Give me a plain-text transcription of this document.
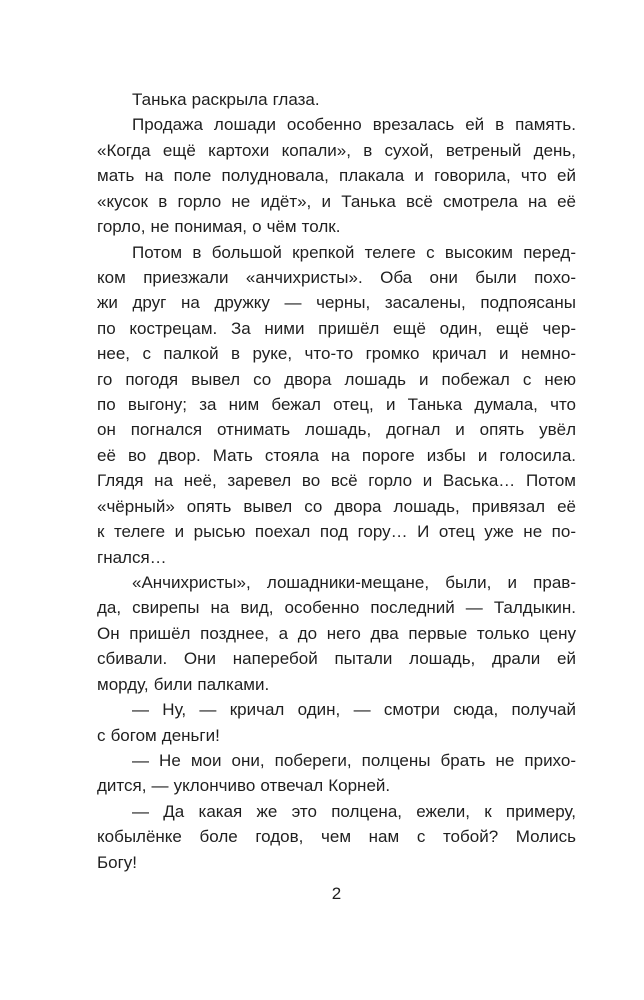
Танька раскрыла глаза.
Продажа лошади особенно врезалась ей в память.
«Когда ещё картохи копали», в сухой, ветреный день,
мать на поле полудновала, плакала и говорила, что ей
«кусок в горло не идёт», и Танька всё смотрела на её
горло, не понимая, о чём толк.
Потом в большой крепкой телеге с высоким перед-
ком приезжали «анчихристы». Оба они были похо-
жи друг на дружку — черны, засалены, подпоясаны
по кострецам. За ними пришёл ещё один, ещё чер-
нее, с палкой в руке, что-то громко кричал и немно-
го погодя вывел со двора лошадь и побежал с нею
по выгону; за ним бежал отец, и Танька думала, что
он погнался отнимать лошадь, догнал и опять увёл
её во двор. Мать стояла на пороге избы и голосила.
Глядя на неё, заревел во всё горло и Васька… Потом
«чёрный» опять вывел со двора лошадь, привязал её
к телеге и рысью поехал под гору… И отец уже не по-
гнался…
«Анчихристы», лошадники-мещане, были, и прав-
да, свирепы на вид, особенно последний — Талдыкин.
Он пришёл позднее, а до него два первые только цену
сбивали. Они наперебой пытали лошадь, драли ей
морду, били палками.
— Ну, — кричал один, — смотри сюда, получай
с богом деньги!
— Не мои они, побереги, полцены брать не прихо-
дится, — уклончиво отвечал Корней.
— Да какая же это полцена, ежели, к примеру,
кобылёнке боле годов, чем нам с тобой? Молись
Богу!
2
